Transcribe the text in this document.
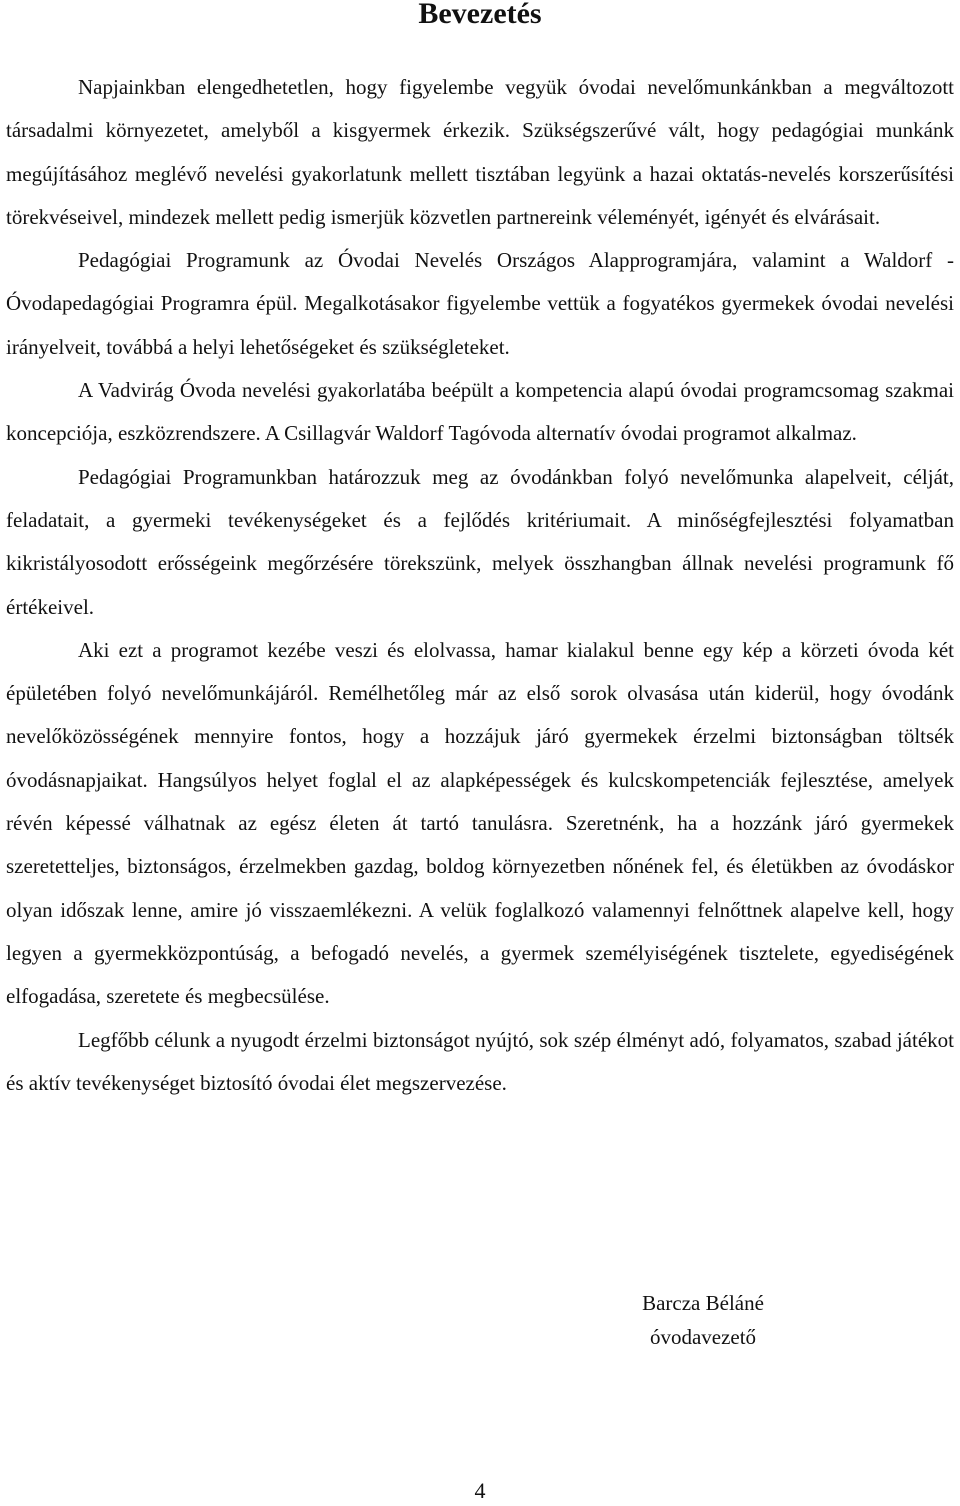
Bevezetés

Napjainkban elengedhetetlen, hogy figyelembe vegyük óvodai nevelőmunkánkban a megváltozott társadalmi környezetet, amelyből a kisgyermek érkezik. Szükségszerűvé vált, hogy pedagógiai munkánk megújításához meglévő nevelési gyakorlatunk mellett tisztában legyünk a hazai oktatás-nevelés korszerűsítési törekvéseivel, mindezek mellett pedig ismerjük közvetlen partnereink véleményét, igényét és elvárásait.

Pedagógiai Programunk az Óvodai Nevelés Országos Alapprogramjára, valamint a Waldorf - Óvodapedagógiai Programra épül. Megalkotásakor figyelembe vettük a fogyatékos gyermekek óvodai nevelési irányelveit, továbbá a helyi lehetőségeket és szükségleteket.

A Vadvirág Óvoda nevelési gyakorlatába beépült a kompetencia alapú óvodai programcsomag szakmai koncepciója, eszközrendszere. A Csillagvár Waldorf Tagóvoda alternatív óvodai programot alkalmaz.

Pedagógiai Programunkban határozzuk meg az óvodánkban folyó nevelőmunka alapelveit, célját, feladatait, a gyermeki tevékenységeket és a fejlődés kritériumait. A minőségfejlesztési folyamatban kikristályosodott erősségeink megőrzésére törekszünk, melyek összhangban állnak nevelési programunk fő értékeivel.

Aki ezt a programot kezébe veszi és elolvassa, hamar kialakul benne egy kép a körzeti óvoda két épületében folyó nevelőmunkájáról. Remélhetőleg már az első sorok olvasása után kiderül, hogy óvodánk nevelőközösségének mennyire fontos, hogy a hozzájuk járó gyermekek érzelmi biztonságban töltsék óvodásnapjaikat. Hangsúlyos helyet foglal el az alapképességek és kulcskompetenciák fejlesztése, amelyek révén képessé válhatnak az egész életen át tartó tanulásra. Szeretnénk, ha a hozzánk járó gyermekek szeretetteljes, biztonságos, érzelmekben gazdag, boldog környezetben nőnének fel, és életükben az óvodáskor olyan időszak lenne, amire jó visszaemlékezni. A velük foglalkozó valamennyi felnőttnek alapelve kell, hogy legyen a gyermekközpontúság, a befogadó nevelés, a gyermek személyiségének tisztelete, egyediségének elfogadása, szeretete és megbecsülése.

Legfőbb célunk a nyugodt érzelmi biztonságot nyújtó, sok szép élményt adó, folyamatos, szabad játékot és aktív tevékenységet biztosító óvodai élet megszervezése.

Barcza Béláné
óvodavezető
4
